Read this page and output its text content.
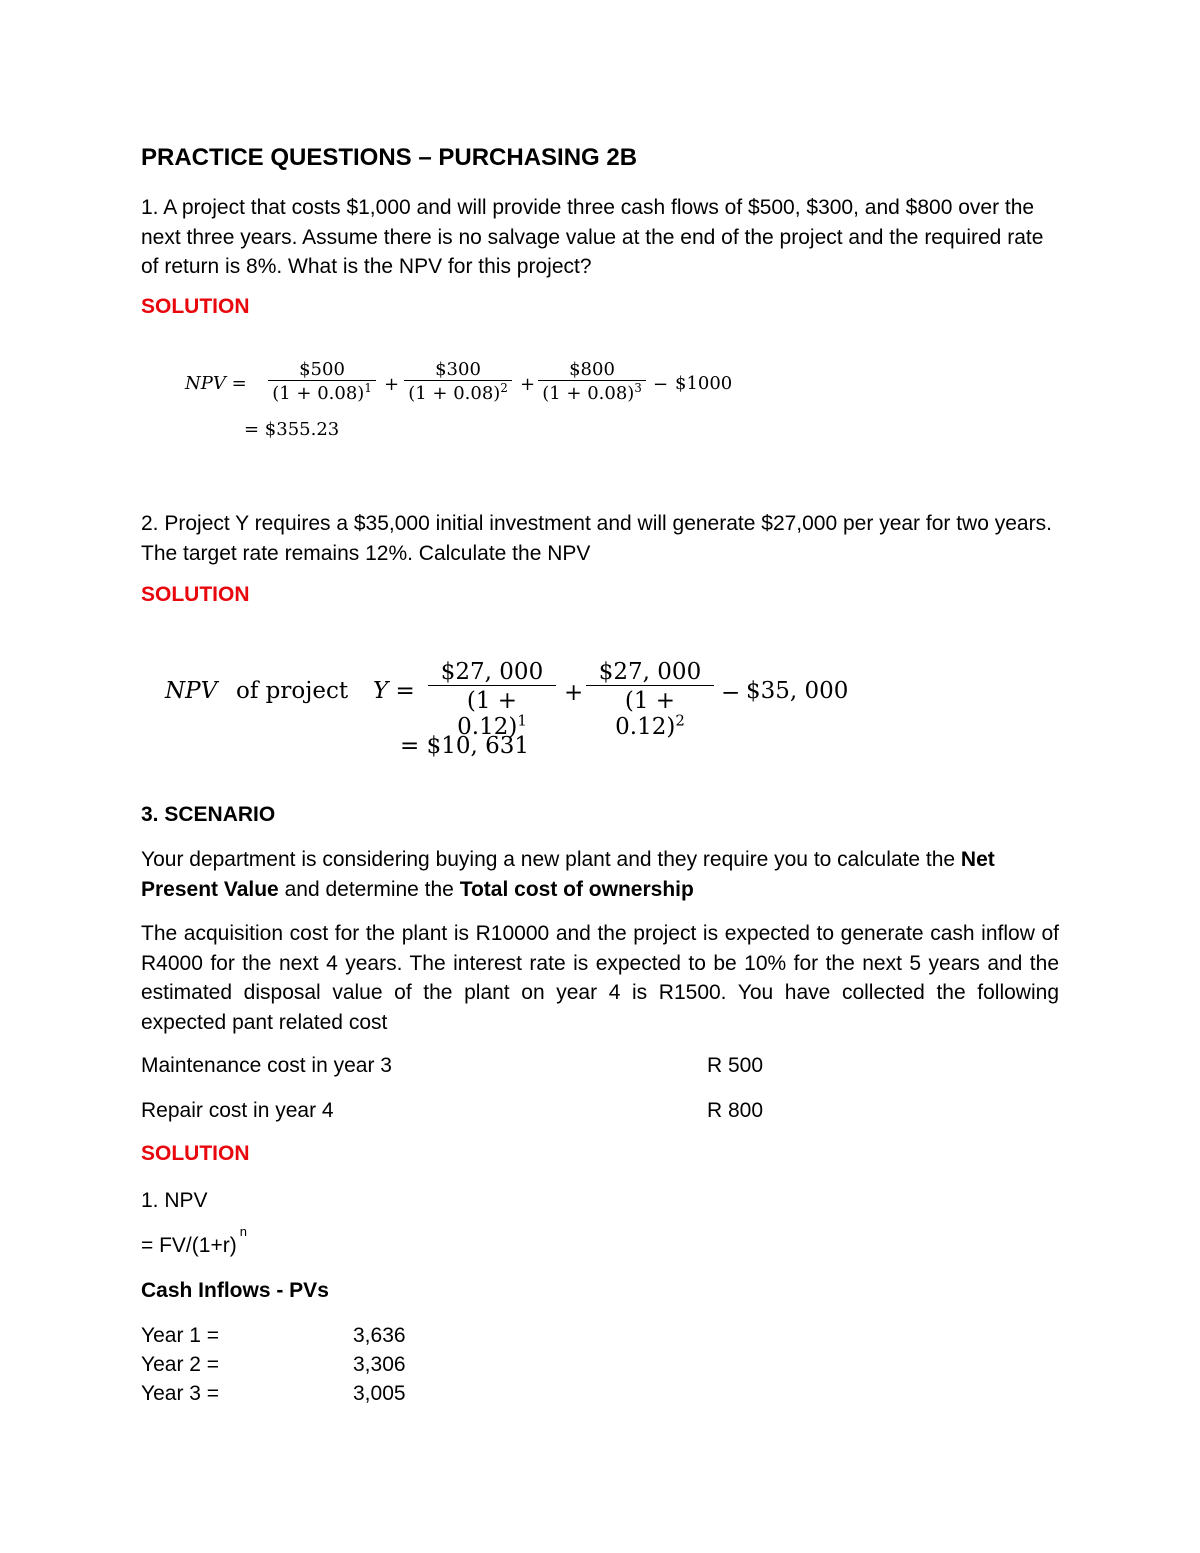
PRACTICE QUESTIONS – PURCHASING 2B
1. A project that costs $1,000 and will provide three cash flows of $500, $300, and $800 over the next three years. Assume there is no salvage value at the end of the project and the required rate of return is 8%. What is the NPV for this project?
SOLUTION
NPV = $\frac{\$500}{(1 + 0.08)^1} + \frac{\$300}{(1 + 0.08)^2} + \frac{\$800}{(1 + 0.08)^3}$ − $1000
= $355.23
2. Project Y requires a $35,000 initial investment and will generate $27,000 per year for two years. The target rate remains 12%. Calculate the NPV
SOLUTION
NPV of project $Y = \frac{\$27, 000}{(1 + 0.12)^1} + \frac{\$27, 000}{(1 + 0.12)^2}$ − $35, 000
= $10, 631
3. SCENARIO
Your department is considering buying a new plant and they require you to calculate the Net Present Value and determine the Total cost of ownership
The acquisition cost for the plant is R10000 and the project is expected to generate cash inflow of R4000 for the next 4 years. The interest rate is expected to be 10% for the next 5 years and the estimated disposal value of the plant on year 4 is R1500. You have collected the following expected pant related cost
Maintenance cost in year 3	R 500
Repair cost in year 4	R 800
SOLUTION
1. NPV
= $FV/(1+r)^n$
Cash Inflows - PVs
Year 1 =	3,636
Year 2 =	3,306
Year 3 =	3,005
